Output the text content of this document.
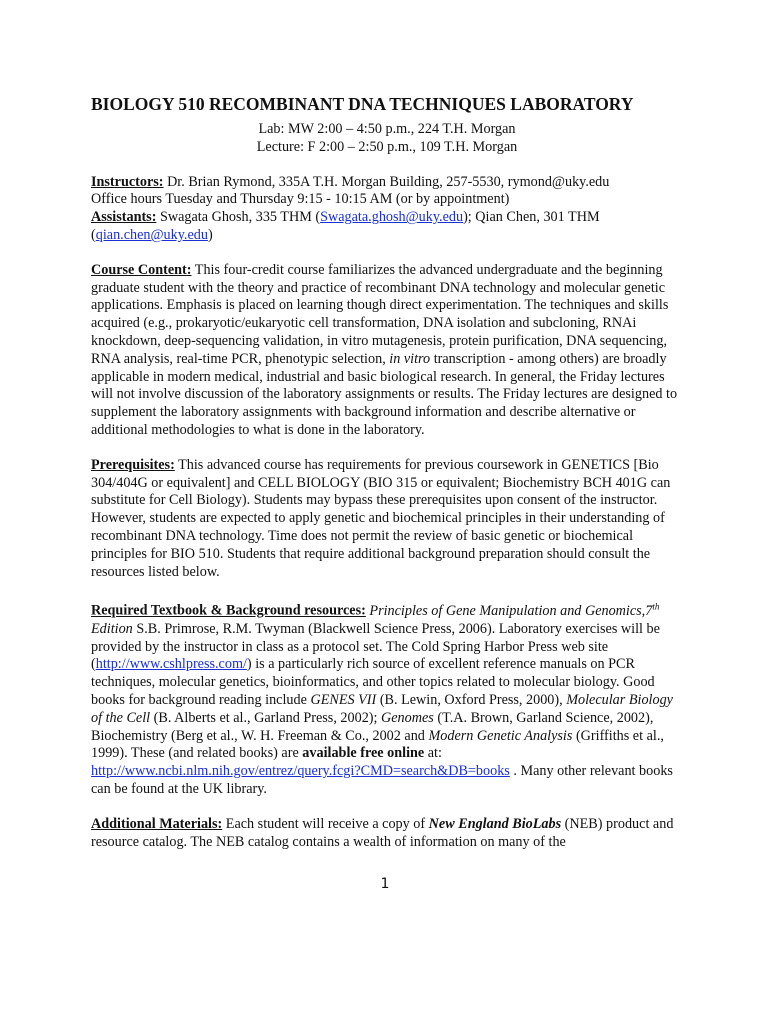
BIOLOGY 510 RECOMBINANT DNA TECHNIQUES LABORATORY

Lab: MW 2:00 – 4:50 p.m., 224 T.H. Morgan

Lecture: F 2:00 – 2:50 p.m., 109 T.H. Morgan

Instructors: Dr. Brian Rymond, 335A T.H. Morgan Building, 257-5530, rymond@uky.edu

Office hours Tuesday and Thursday 9:15 - 10:15 AM (or by appointment)

Assistants: Swagata Ghosh, 335 THM (Swagata.ghosh@uky.edu); Qian Chen, 301 THM (qian.chen@uky.edu)

Course Content: This four-credit course familiarizes the advanced undergraduate and the beginning graduate student with the theory and practice of recombinant DNA technology and molecular genetic applications. Emphasis is placed on learning though direct experimentation. The techniques and skills acquired (e.g., prokaryotic/eukaryotic cell transformation, DNA isolation and subcloning, RNAi knockdown, deep-sequencing validation, in vitro mutagenesis, protein purification, DNA sequencing, RNA analysis, real-time PCR, phenotypic selection, in vitro transcription - among others) are broadly applicable in modern medical, industrial and basic biological research. In general, the Friday lectures will not involve discussion of the laboratory assignments or results. The Friday lectures are designed to supplement the laboratory assignments with background information and describe alternative or additional methodologies to what is done in the laboratory.

Prerequisites: This advanced course has requirements for previous coursework in GENETICS [Bio 304/404G or equivalent] and CELL BIOLOGY (BIO 315 or equivalent; Biochemistry BCH 401G can substitute for Cell Biology). Students may bypass these prerequisites upon consent of the instructor. However, students are expected to apply genetic and biochemical principles in their understanding of recombinant DNA technology. Time does not permit the review of basic genetic or biochemical principles for BIO 510. Students that require additional background preparation should consult the resources listed below.

Required Textbook & Background resources: Principles of Gene Manipulation and Genomics,7th Edition S.B. Primrose, R.M. Twyman (Blackwell Science Press, 2006). Laboratory exercises will be provided by the instructor in class as a protocol set. The Cold Spring Harbor Press web site (http://www.cshlpress.com/) is a particularly rich source of excellent reference manuals on PCR techniques, molecular genetics, bioinformatics, and other topics related to molecular biology. Good books for background reading include GENES VII (B. Lewin, Oxford Press, 2000), Molecular Biology of the Cell (B. Alberts et al., Garland Press, 2002); Genomes (T.A. Brown, Garland Science, 2002), Biochemistry (Berg et al., W. H. Freeman & Co., 2002 and Modern Genetic Analysis (Griffiths et al., 1999). These (and related books) are available free online at: http://www.ncbi.nlm.nih.gov/entrez/query.fcgi?CMD=search&DB=books . Many other relevant books can be found at the UK library.

Additional Materials: Each student will receive a copy of New England BioLabs (NEB) product and resource catalog. The NEB catalog contains a wealth of information on many of the

1
